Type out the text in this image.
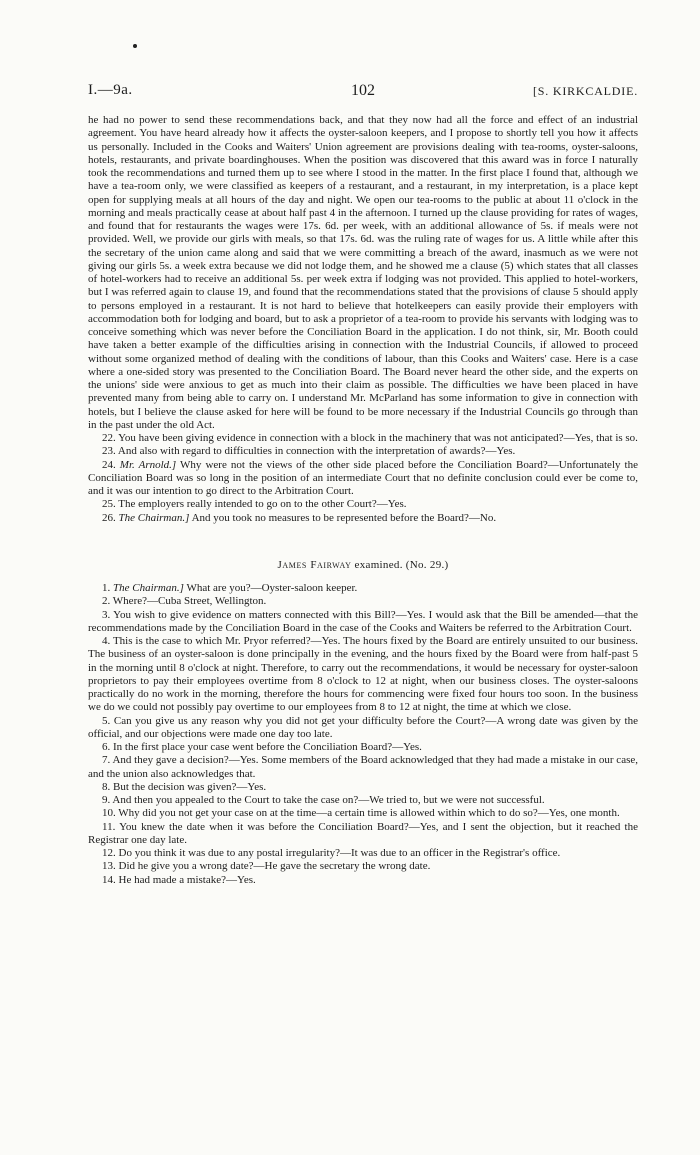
I.—9a.	102	[S. KIRKCALDIE.

he had no power to send these recommendations back, and that they now had all the force and effect of an industrial agreement. You have heard already how it affects the oyster-saloon keepers, and I propose to shortly tell you how it affects us personally. Included in the Cooks and Waiters' Union agreement are provisions dealing with tea-rooms, oyster-saloons, hotels, restaurants, and private boardinghouses. When the position was discovered that this award was in force I naturally took the recommendations and turned them up to see where I stood in the matter. In the first place I found that, although we have a tea-room only, we were classified as keepers of a restaurant, and a restaurant, in my interpretation, is a place kept open for supplying meals at all hours of the day and night. We open our tea-rooms to the public at about 11 o'clock in the morning and meals practically cease at about half past 4 in the afternoon. I turned up the clause providing for rates of wages, and found that for restaurants the wages were 17s. 6d. per week, with an additional allowance of 5s. if meals were not provided. Well, we provide our girls with meals, so that 17s. 6d. was the ruling rate of wages for us. A little while after this the secretary of the union came along and said that we were committing a breach of the award, inasmuch as we were not giving our girls 5s. a week extra because we did not lodge them, and he showed me a clause (5) which states that all classes of hotel-workers had to receive an additional 5s. per week extra if lodging was not provided. This applied to hotel-workers, but I was referred again to clause 19, and found that the recommendations stated that the provisions of clause 5 should apply to persons employed in a restaurant. It is not hard to believe that hotelkeepers can easily provide their employers with accommodation both for lodging and board, but to ask a proprietor of a tea-room to provide his servants with lodging was to conceive something which was never before the Conciliation Board in the application. I do not think, sir, Mr. Booth could have taken a better example of the difficulties arising in connection with the Industrial Councils, if allowed to proceed without some organized method of dealing with the conditions of labour, than this Cooks and Waiters' case. Here is a case where a one-sided story was presented to the Conciliation Board. The Board never heard the other side, and the experts on the unions' side were anxious to get as much into their claim as possible. The difficulties we have been placed in have prevented many from being able to carry on. I understand Mr. McParland has some information to give in connection with hotels, but I believe the clause asked for here will be found to be more necessary if the Industrial Councils go through than in the past under the old Act.

22. You have been giving evidence in connection with a block in the machinery that was not anticipated?—Yes, that is so.

23. And also with regard to difficulties in connection with the interpretation of awards?—Yes.

24. Mr. Arnold.] Why were not the views of the other side placed before the Conciliation Board?—Unfortunately the Conciliation Board was so long in the position of an intermediate Court that no definite conclusion could ever be come to, and it was our intention to go direct to the Arbitration Court.

25. The employers really intended to go on to the other Court?—Yes.

26. The Chairman.] And you took no measures to be represented before the Board?—No.

James Fairway examined. (No. 29.)

1. The Chairman.] What are you?—Oyster-saloon keeper.

2. Where?—Cuba Street, Wellington.

3. You wish to give evidence on matters connected with this Bill?—Yes. I would ask that the Bill be amended—that the recommendations made by the Conciliation Board in the case of the Cooks and Waiters be referred to the Arbitration Court.

4. This is the case to which Mr. Pryor referred?—Yes. The hours fixed by the Board are entirely unsuited to our business. The business of an oyster-saloon is done principally in the evening, and the hours fixed by the Board were from half-past 5 in the morning until 8 o'clock at night. Therefore, to carry out the recommendations, it would be necessary for oyster-saloon proprietors to pay their employees overtime from 8 o'clock to 12 at night, when our business closes. The oyster-saloons practically do no work in the morning, therefore the hours for commencing were fixed four hours too soon. In the business we do we could not possibly pay overtime to our employees from 8 to 12 at night, the time at which we close.

5. Can you give us any reason why you did not get your difficulty before the Court?—A wrong date was given by the official, and our objections were made one day too late.

6. In the first place your case went before the Conciliation Board?—Yes.

7. And they gave a decision?—Yes. Some members of the Board acknowledged that they had made a mistake in our case, and the union also acknowledges that.

8. But the decision was given?—Yes.

9. And then you appealed to the Court to take the case on?—We tried to, but we were not successful.

10. Why did you not get your case on at the time—a certain time is allowed within which to do so?—Yes, one month.

11. You knew the date when it was before the Conciliation Board?—Yes, and I sent the objection, but it reached the Registrar one day late.

12. Do you think it was due to any postal irregularity?—It was due to an officer in the Registrar's office.

13. Did he give you a wrong date?—He gave the secretary the wrong date.

14. He had made a mistake?—Yes.
